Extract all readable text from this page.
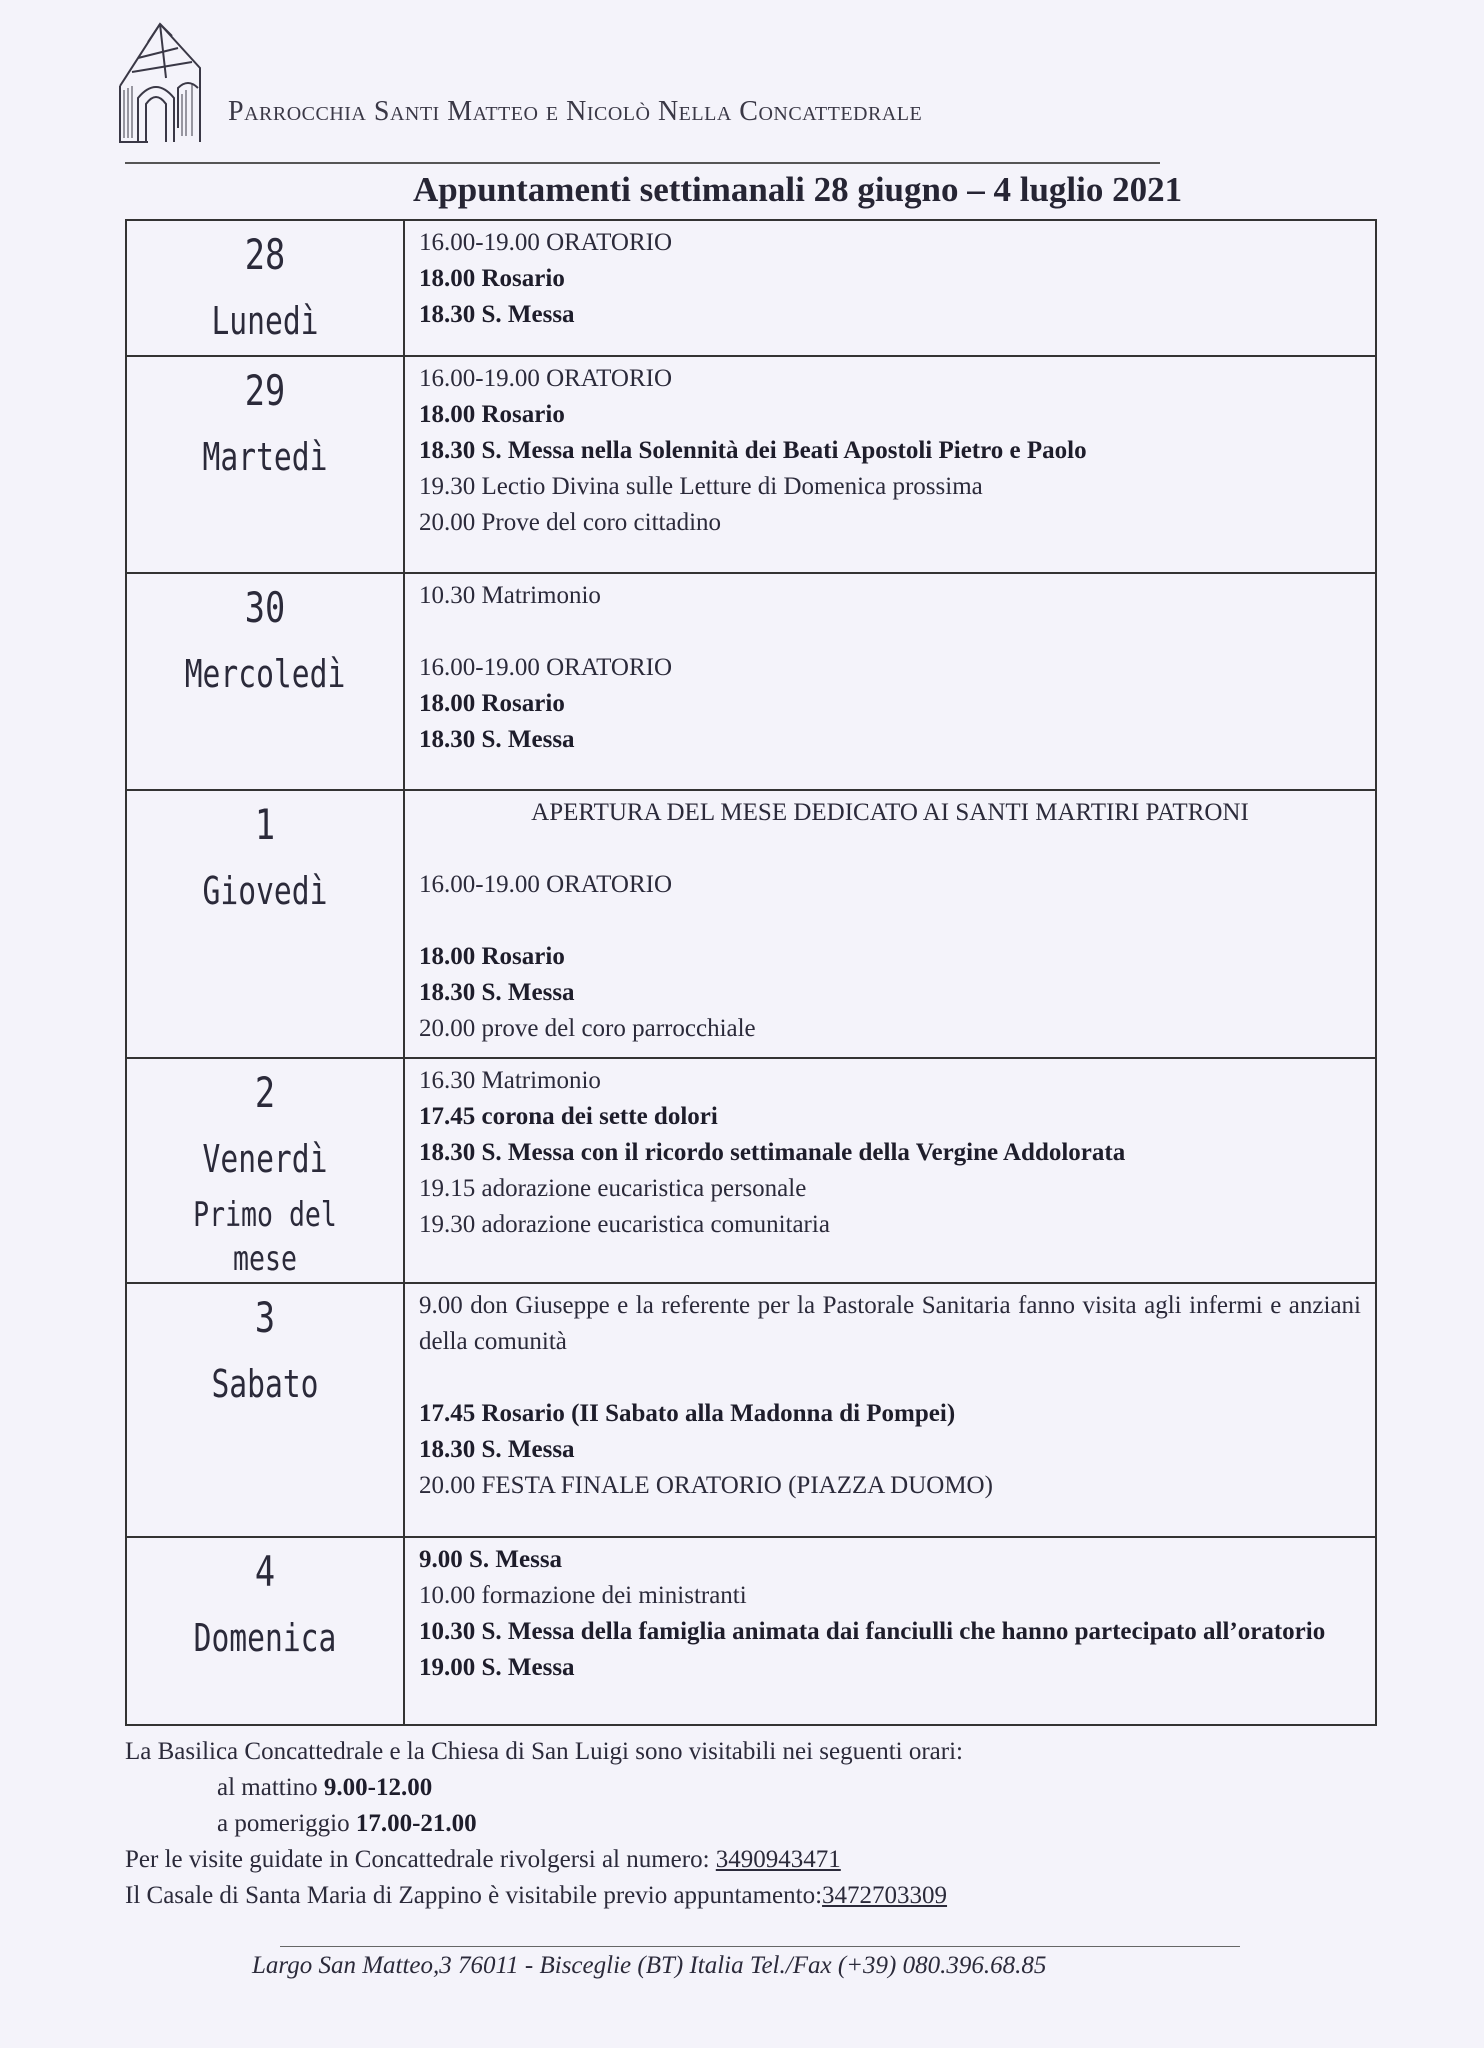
Parrocchia Santi Matteo e Nicolò Nella Concattedrale
Appuntamenti settimanali 28 giugno – 4 luglio 2021
28
Lunedì	16.00-19.00 ORATORIO
18.00 Rosario
18.30 S. Messa

29
Martedì	16.00-19.00 ORATORIO
18.00 Rosario
18.30 S. Messa nella Solennità dei Beati Apostoli Pietro e Paolo
19.30 Lectio Divina sulle Letture di Domenica prossima
20.00 Prove del coro cittadino

30
Mercoledì	10.30 Matrimonio
16.00-19.00 ORATORIO
18.00 Rosario
18.30 S. Messa

1
Giovedì	APERTURA DEL MESE DEDICATO AI SANTI MARTIRI PATRONI
16.00-19.00 ORATORIO
18.00 Rosario
18.30 S. Messa
20.00 prove del coro parrocchiale

2
Venerdì
Primo del mese	16.30 Matrimonio
17.45 corona dei sette dolori
18.30 S. Messa con il ricordo settimanale della Vergine Addolorata
19.15 adorazione eucaristica personale
19.30 adorazione eucaristica comunitaria

3
Sabato	9.00 don Giuseppe e la referente per la Pastorale Sanitaria fanno visita agli infermi e anziani della comunità
17.45 Rosario (II Sabato alla Madonna di Pompei)
18.30 S. Messa
20.00 FESTA FINALE ORATORIO (PIAZZA DUOMO)

4
Domenica	9.00 S. Messa
10.00 formazione dei ministranti
10.30 S. Messa della famiglia animata dai fanciulli che hanno partecipato all’oratorio
19.00 S. Messa
La Basilica Concattedrale e la Chiesa di San Luigi sono visitabili nei seguenti orari:
al mattino 9.00-12.00
a pomeriggio 17.00-21.00
Per le visite guidate in Concattedrale rivolgersi al numero: 3490943471
Il Casale di Santa Maria di Zappino è visitabile previo appuntamento:3472703309
Largo San Matteo,3 76011 - Bisceglie (BT) Italia Tel./Fax (+39) 080.396.68.85
